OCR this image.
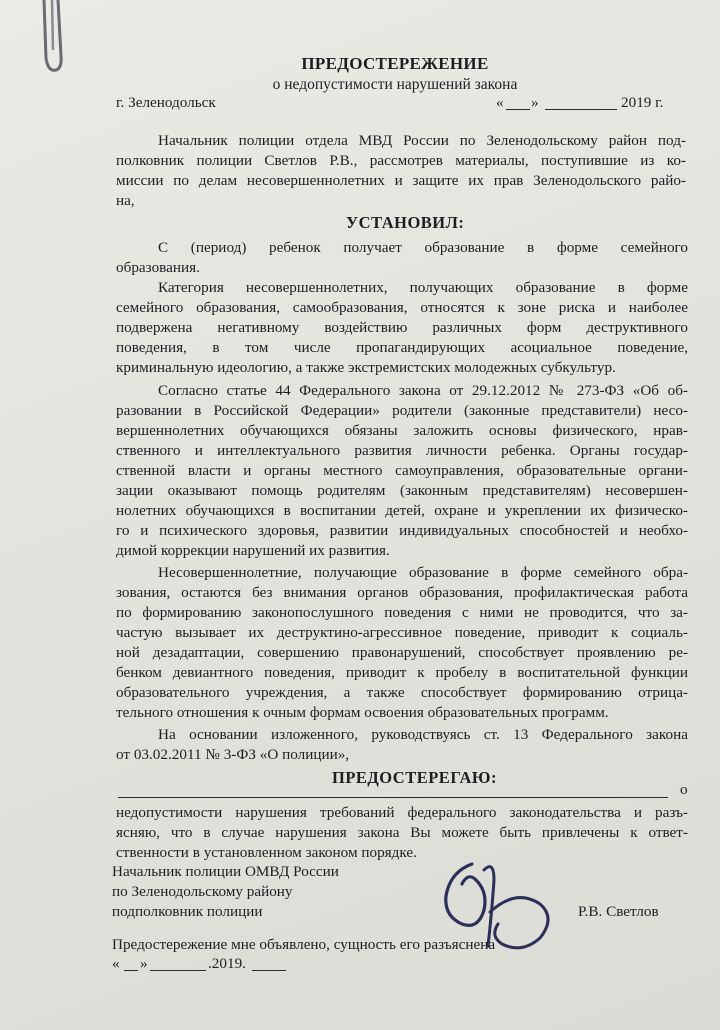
ПРЕДОСТЕРЕЖЕНИЕ
о недопустимости нарушений закона
г. Зеленодольск	« »	2019 г.
Начальник полиции отдела МВД России по Зеленодольскому район под-
полковник полиции Светлов Р.В., рассмотрев материалы, поступившие из ко-
миссии по делам несовершеннолетних и защите их прав Зеленодольского райо-
на,
УСТАНОВИЛ:
С (период) ребенок получает образование в форме семейного
образования.
Категория несовершеннолетних, получающих образование в форме
семейного образования, самообразования, относятся к зоне риска и наиболее
подвержена негативному воздействию различных форм деструктивного
поведения, в том числе пропагандирующих асоциальное поведение,
криминальную идеологию, а также экстремистских молодежных субкультур.
Согласно статье 44 Федерального закона от 29.12.2012 № 273-ФЗ «Об об-
разовании в Российской Федерации» родители (законные представители) несо-
вершеннолетних обучающихся обязаны заложить основы физического, нрав-
ственного и интеллектуального развития личности ребенка. Органы государ-
ственной власти и органы местного самоуправления, образовательные органи-
зации оказывают помощь родителям (законным представителям) несовершен-
нолетних обучающихся в воспитании детей, охране и укреплении их физическо-
го и психического здоровья, развитии индивидуальных способностей и необхо-
димой коррекции нарушений их развития.
Несовершеннолетние, получающие образование в форме семейного обра-
зования, остаются без внимания органов образования, профилактическая работа
по формированию законопослушного поведения с ними не проводится, что за-
частую вызывает их деструктино-агрессивное поведение, приводит к социаль-
ной дезадаптации, совершению правонарушений, способствует проявлению ре-
бенком девиантного поведения, приводит к пробелу в воспитательной функции
образовательного учреждения, а также способствует формированию отрица-
тельного отношения к очным формам освоения образовательных программ.
На основании изложенного, руководствуясь ст. 13 Федерального закона
от 03.02.2011 № 3-ФЗ «О полиции»,
ПРЕДОСТЕРЕГАЮ:
о
недопустимости нарушения требований федерального законодательства и разъ-
ясняю, что в случае нарушения закона Вы можете быть привлечены к ответ-
ственности в установленном законом порядке.
Начальник полиции ОМВД России
по Зеленодольскому району
подполковник полиции	Р.В. Светлов
Предостережение мне объявлено, сущность его разъяснена
« »	.2019.
